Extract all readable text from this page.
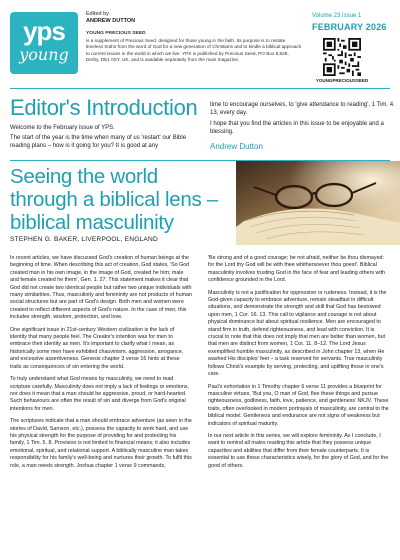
yps
young
Edited by
ANDREW DUTTON
YOUNG PRECIOUS SEED
is a supplement of Precious Seed, designed for those young in the faith. Its purpose is to restate timeless truths from the word of God for a new generation of Christians and to kindle a biblical approach to current issues in the world in which we live. YPS is published by Precious Seed, PO Box 8,829, Derby, DE1 0SY, UK, and is available separately from the main magazine.
Volume 23 Issue 1
FEBRUARY 2026
YOUNGPRECIOUSSEED
Editor's Introduction
Welcome to the February issue of YPS.
The start of the year is the time when many of us 'restart' our Bible reading plans – how is it going for you? It is good at any
time to encourage ourselves, to 'give attendance to reading', 1 Tim. 4. 13, every day.
I hope that you find the articles in this issue to be enjoyable and a blessing.
Andrew Dutton
Seeing the world through a biblical lens – biblical masculinity
STEPHEN G. BAKER, LIVERPOOL, ENGLAND

In recent articles, we have discussed God's creation of human beings at the beginning of time. When describing this act of creation, God states, 'So God created man in his own image, in the image of God, created he him; male and female created he them', Gen. 1. 27. This statement makes it clear that God did not create two identical people but rather two unique individuals with many similarities. Thus, masculinity and femininity are not products of human social structures but are part of God's design. Both men and women were created to reflect different aspects of God's nature. In the case of men, this includes strength, wisdom, protection, and love.

One significant issue in 21st-century Western civilization is the lack of identity that many people feel. The Creator's intention was for men to embrace their identity as men. It's important to clarify what I mean, as historically some men have exhibited chauvinism, aggression, arrogance, and excessive assertiveness. Genesis chapter 3 verse 16 hints at these traits as consequences of sin entering the world.

To truly understand what God means by masculinity, we need to read scripture carefully. Masculinity does not imply a lack of feelings or emotions, nor does it mean that a man should be aggressive, proud, or hard-hearted. Such behaviours are often the result of sin and diverge from God's original intentions for men.

The scriptures indicate that a man should embrace adventure (as seen in the stories of David, Samson, etc.), possess the capacity to work hard, and use his physical strength for the purpose of providing for and protecting his family, 1 Tim. 5. 8. Provision is not limited to financial means; it also includes emotional, spiritual, and relational support. A biblically masculine man takes responsibility for his family's well-being and nurtures their growth. To fulfil this role, a man needs strength. Joshua chapter 1 verse 9 commands,

'Be strong and of a good courage; be not afraid, neither be thou dismayed: for the Lord thy God will be with thee whithersoever thou goest'. Biblical masculinity involves trusting God in the face of fear and leading others with confidence grounded in the Lord.

Masculinity is not a justification for oppression or rudeness. Instead, it is the God-given capacity to embrace adventure, remain steadfast in difficult situations, and demonstrate the strength and skill that God has bestowed upon men, 1 Cor. 16. 13. This call to vigilance and courage is not about physical dominance but about spiritual resilience. Men are encouraged to stand firm in truth, defend righteousness, and lead with conviction. It is crucial to note that this does not imply that men are better than women, but that men are distinct from women, 1 Cor. 11. 8–12. The Lord Jesus exemplified humble masculinity, as described in John chapter 13, when He washed His disciples' feet – a task reserved for servants. True masculinity follows Christ's example by serving, protecting, and uplifting those in one's care.

Paul's exhortation in 1 Timothy chapter 6 verse 11 provides a blueprint for masculine virtues, 'But you, O man of God, flee these things and pursue righteousness, godliness, faith, love, patience, and gentleness' NKJV. These traits, often overlooked in modern portrayals of masculinity, are central to the biblical model. Gentleness and endurance are not signs of weakness but indicators of spiritual maturity.

In our next article in this series, we will explore femininity. As I conclude, I want to remind all males reading this article that they possess unique capacities and abilities that differ from their female counterparts. It is essential to use these characteristics wisely, for the glory of God, and for the good of others.
